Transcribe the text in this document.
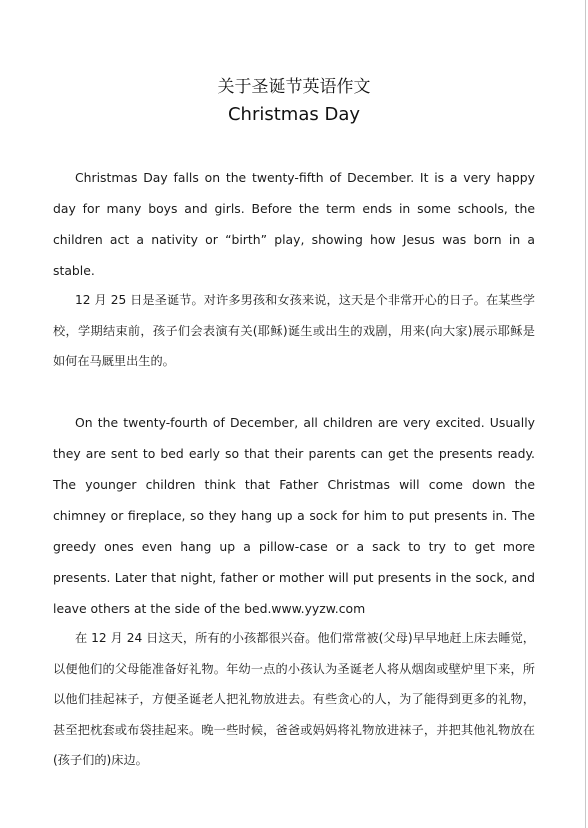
关于圣诞节英语作文
Christmas Day

Christmas Day falls on the twenty-fifth of December. It is a very happy day for many boys and girls. Before the term ends in some schools, the children act a nativity or “birth” play, showing how Jesus was born in a stable.

12 月 25 日是圣诞节。对许多男孩和女孩来说，这天是个非常开心的日子。在某些学校，学期结束前，孩子们会表演有关(耶稣)诞生或出生的戏剧，用来(向大家)展示耶稣是如何在马厩里出生的。

On the twenty-fourth of December, all children are very excited. Usually they are sent to bed early so that their parents can get the presents ready. The younger children think that Father Christmas will come down the chimney or fireplace, so they hang up a sock for him to put presents in. The greedy ones even hang up a pillow-case or a sack to try to get more presents. Later that night, father or mother will put presents in the sock, and leave others at the side of the bed.www.yyzw.com

在 12 月 24 日这天，所有的小孩都很兴奋。他们常常被(父母)早早地赶上床去睡觉，以便他们的父母能准备好礼物。年幼一点的小孩认为圣诞老人将从烟囱或壁炉里下来，所以他们挂起袜子，方便圣诞老人把礼物放进去。有些贪心的人，为了能得到更多的礼物，甚至把枕套或布袋挂起来。晚一些时候，爸爸或妈妈将礼物放进袜子，并把其他礼物放在(孩子们的)床边。
